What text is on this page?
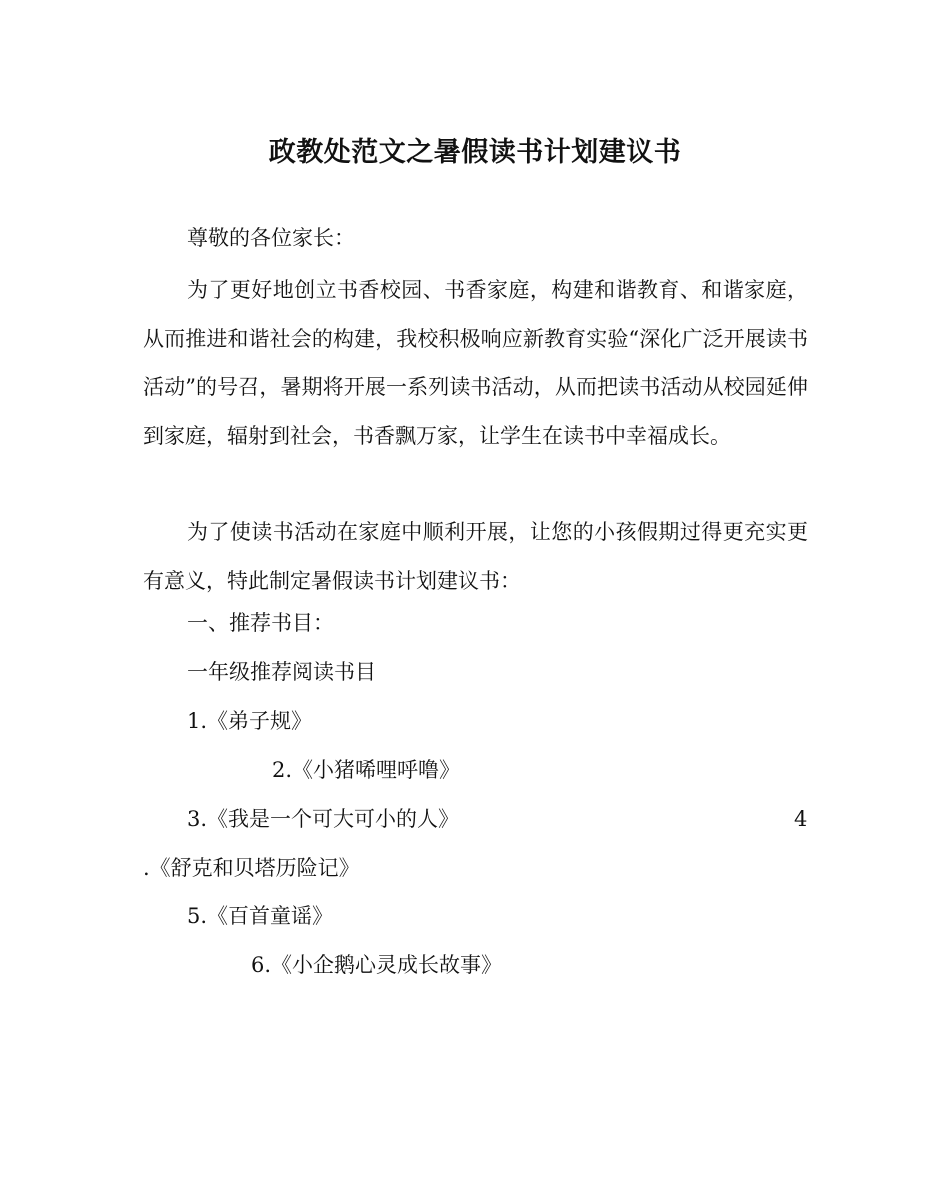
政教处范文之暑假读书计划建议书

尊敬的各位家长：

为了更好地创立书香校园、书香家庭，构建和谐教育、和谐家庭，从而推进和谐社会的构建，我校积极响应新教育实验“深化广泛开展读书活动”的号召，暑期将开展一系列读书活动，从而把读书活动从校园延伸到家庭，辐射到社会，书香飘万家，让学生在读书中幸福成长。

为了使读书活动在家庭中顺利开展，让您的小孩假期过得更充实更有意义，特此制定暑假读书计划建议书：

一、推荐书目：

一年级推荐阅读书目

1.《弟子规》

2.《小猪唏哩呼噜》

3.《我是一个可大可小的人》	4

.《舒克和贝塔历险记》

5.《百首童谣》

6.《小企鹅心灵成长故事》
